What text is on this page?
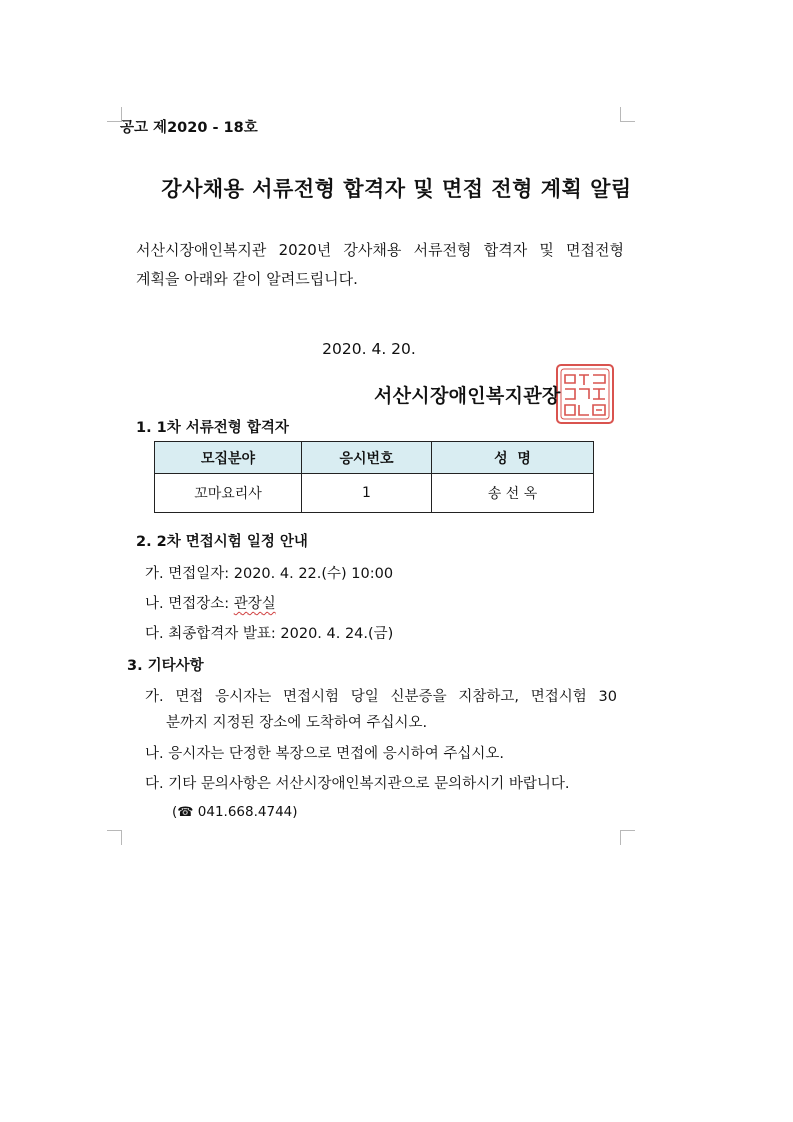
공고 제2020 - 18호
강사채용 서류전형 합격자 및 면접 전형 계획 알림
서산시장애인복지관 2020년 강사채용 서류전형 합격자 및 면접전형
계획을 아래와 같이 알려드립니다.
2020. 4. 20.
서산시장애인복지관장
1. 1차 서류전형 합격자
모집분야	응시번호	성  명
꼬마요리사	1	송 선 옥
2. 2차 면접시험 일정 안내
가. 면접일자: 2020. 4. 22.(수) 10:00
나. 면접장소: 관장실
다. 최종합격자 발표: 2020. 4. 24.(금)
3. 기타사항
가. 면접 응시자는 면접시험 당일 신분증을 지참하고, 면접시험 30
분까지 지정된 장소에 도착하여 주십시오.
나. 응시자는 단정한 복장으로 면접에 응시하여 주십시오.
다. 기타 문의사항은 서산시장애인복지관으로 문의하시기 바랍니다.
(☎ 041.668.4744)
